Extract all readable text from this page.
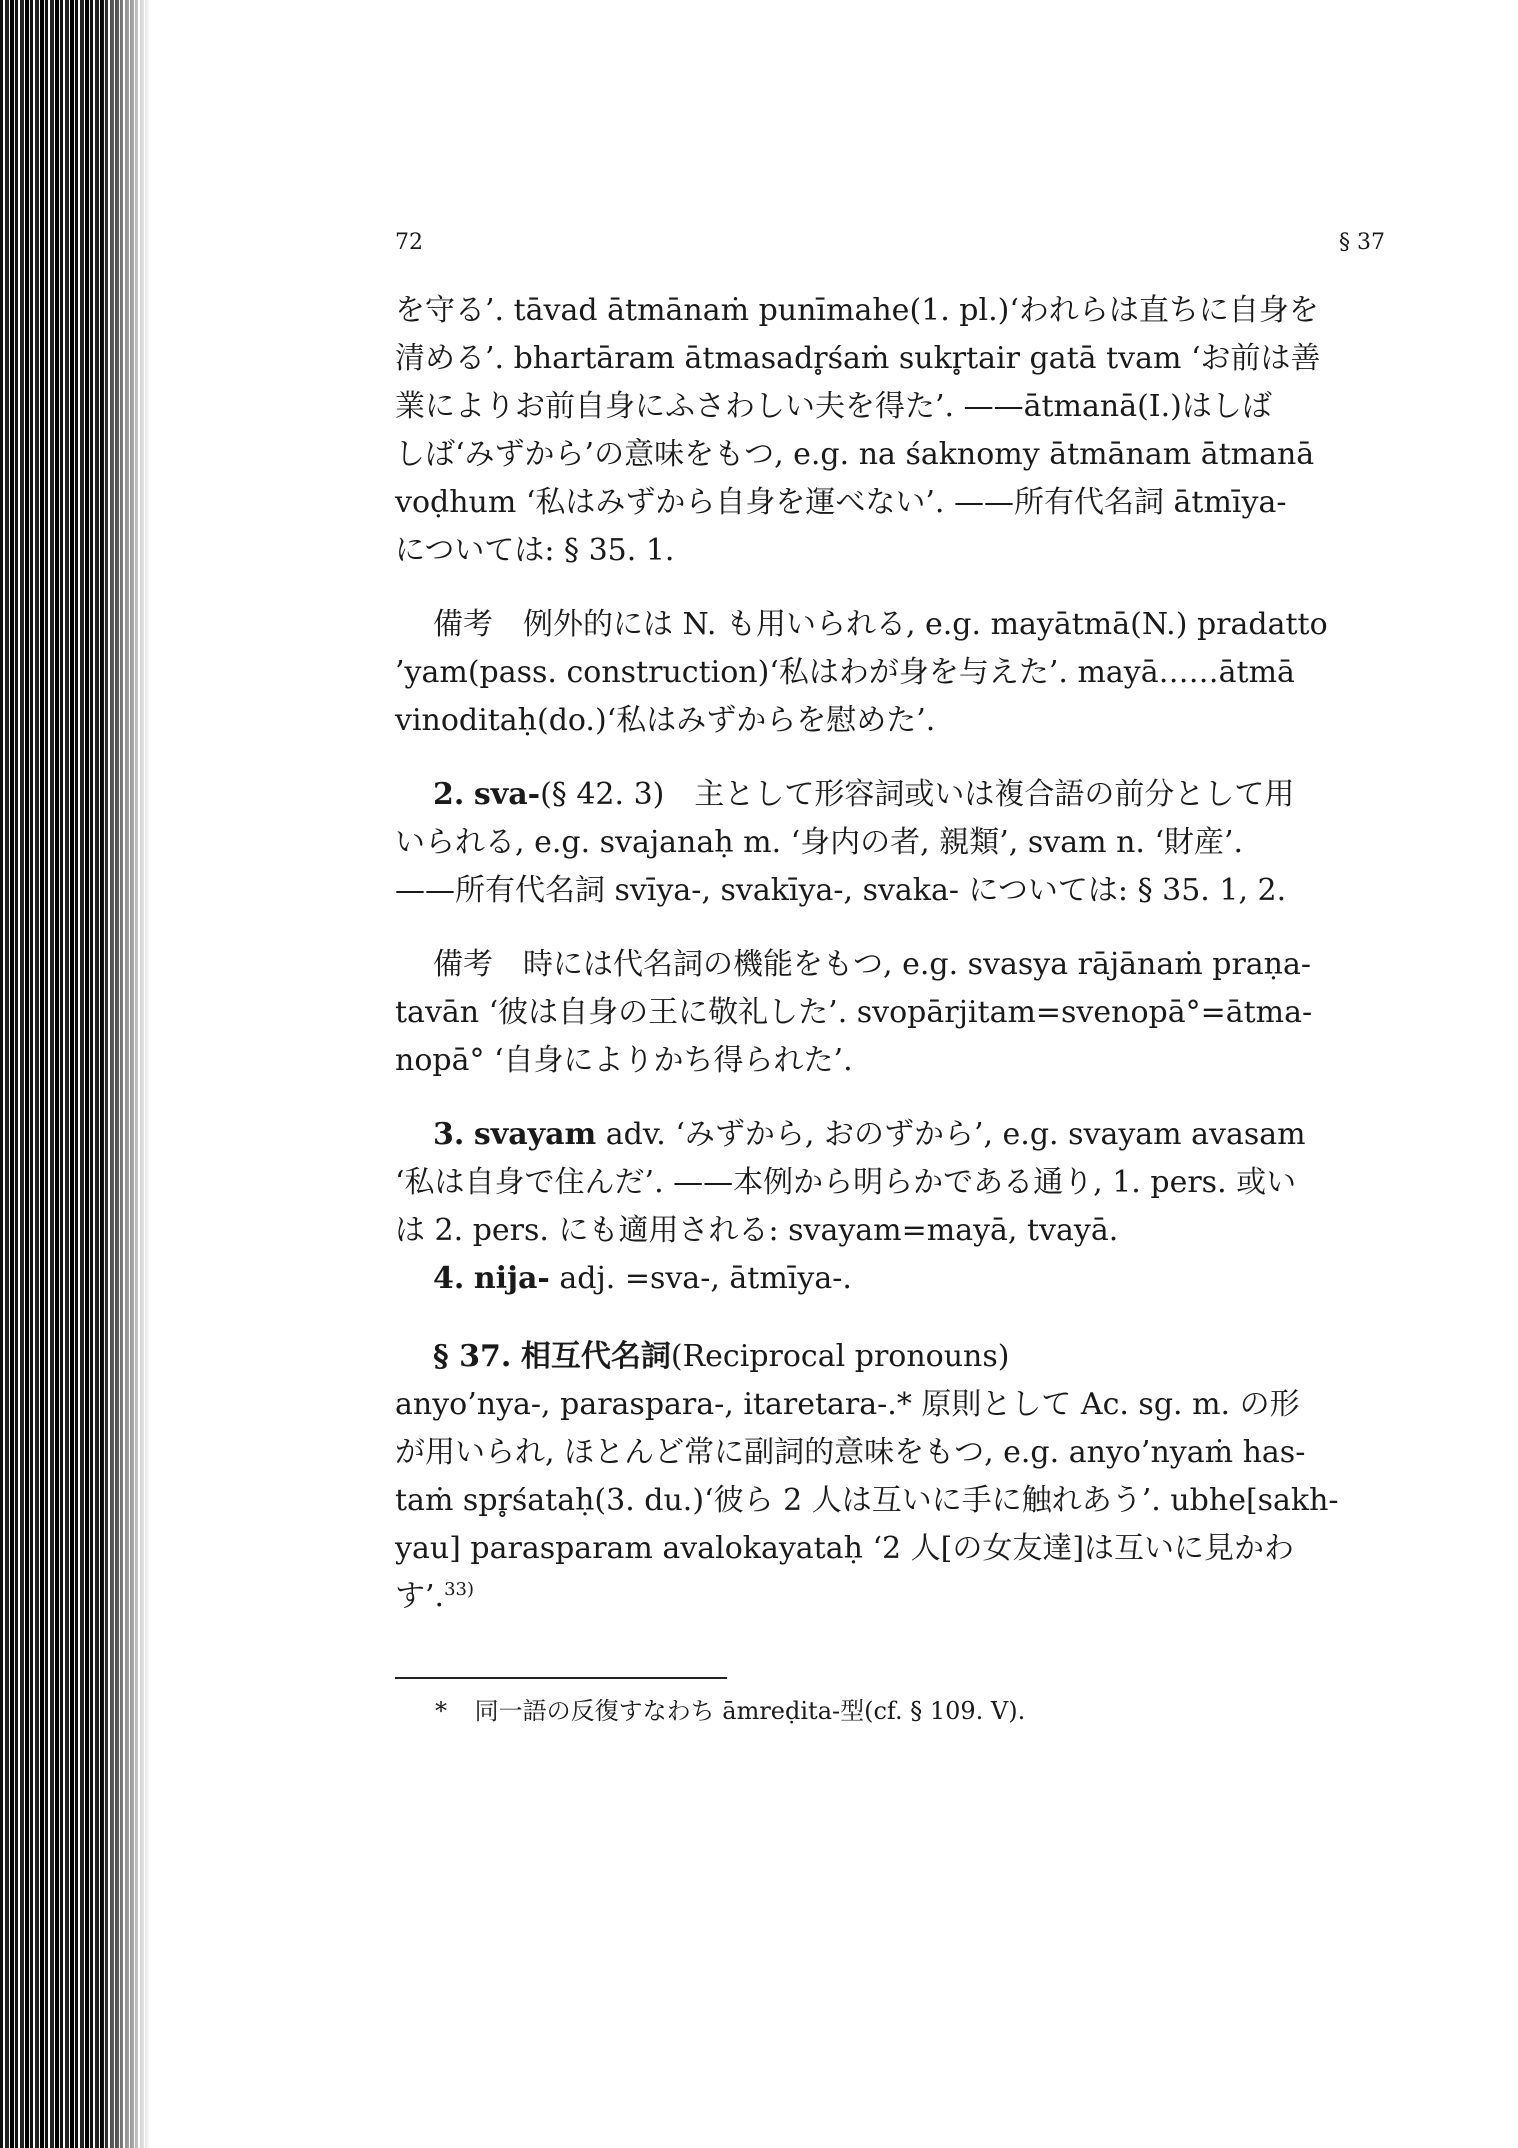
72	§ 37
を守る’. tāvad ātmānaṁ punīmahe(1. pl.)‘われらは直ちに自身を
清める’. bhartāram ātmasadr̥śaṁ sukr̥tair gatā tvam ‘お前は善
業によりお前自身にふさわしい夫を得た’. ——ātmanā(I.)はしば
しば‘みずから’の意味をもつ, e.g. na śaknomy ātmānam ātmanā
voḍhum ‘私はみずから自身を運べない’. ——所有代名詞 ātmīya-
については: § 35. 1.
備考　例外的には N. も用いられる, e.g. mayātmā(N.) pradatto
’yam(pass. construction)‘私はわが身を与えた’. mayā……ātmā
vinoditaḥ(do.)‘私はみずからを慰めた’.
2. sva-(§ 42. 3)　主として形容詞或いは複合語の前分として用
いられる, e.g. svajanaḥ m. ‘身内の者, 親類’, svam n. ‘財産’.
——所有代名詞 svīya-, svakīya-, svaka- については: § 35. 1, 2.
備考　時には代名詞の機能をもつ, e.g. svasya rājānaṁ praṇa-
tavān ‘彼は自身の王に敬礼した’. svopārjitam=svenopā°=ātma-
nopā° ‘自身によりかち得られた’.
3. svayam adv. ‘みずから, おのずから’, e.g. svayam avasam
‘私は自身で住んだ’. ——本例から明らかである通り, 1. pers. 或い
は 2. pers. にも適用される: svayam=mayā, tvayā.
4. nija- adj. =sva-, ātmīya-.
§ 37. 相互代名詞(Reciprocal pronouns)
anyo’nya-, paraspara-, itaretara-.* 原則として Ac. sg. m. の形
が用いられ, ほとんど常に副詞的意味をもつ, e.g. anyo’nyaṁ has-
taṁ spr̥śataḥ(3. du.)‘彼ら 2 人は互いに手に触れあう’. ubhe[sakh-
yau] parasparam avalokayataḥ ‘2 人[の女友達]は互いに見かわ
す’.$^{33)}$
* 同一語の反復すなわち āmreḍita-型(cf. § 109. V).
